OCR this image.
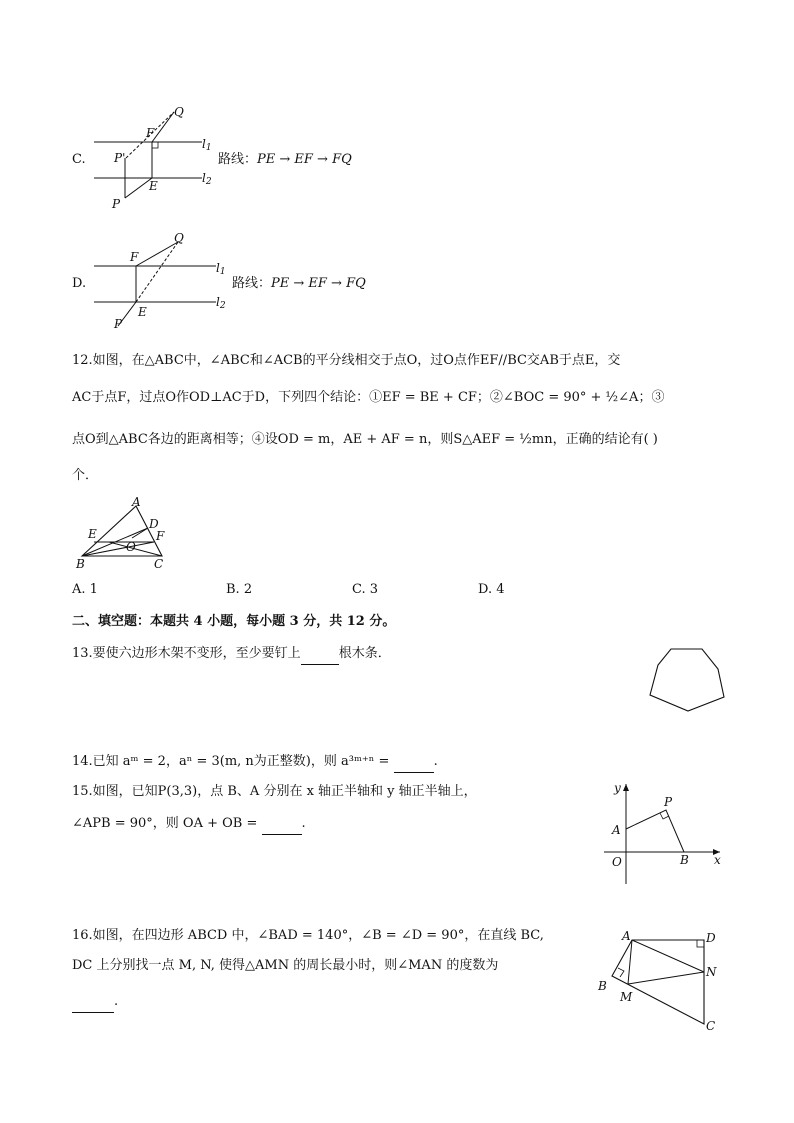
C.
Q
F
P'
E
P
l1
l2
路线：PE → EF → FQ
D.
Q
F
E
P
l1
l2
路线：PE → EF → FQ
12.如图，在△ABC中，∠ABC和∠ACB的平分线相交于点O，过O点作EF//BC交AB于点E，交
AC于点F，过点O作OD⊥AC于D，下列四个结论：①EF = BE + CF；②∠BOC = 90° + ½∠A；③
点O到△ABC各边的距离相等；④设OD = m，AE + AF = n，则S△AEF = ½mn，正确的结论有( )
个．
A
E
D
F
O
B	C
A. 1	B. 2	C. 3	D. 4
二、填空题：本题共 4 小题，每小题 3 分，共 12 分。
13.要使六边形木架不变形，至少要钉上	根木条．
14.已知 aᵐ = 2，aⁿ = 3(m, n为正整数)，则 a³ᵐ⁺ⁿ =	.
15.如图，已知P(3,3)，点 B、A 分别在 x 轴正半轴和 y 轴正半轴上，
∠APB = 90°，则 OA + OB =	.
y
P
A
O	B x
16.如图，在四边形 ABCD 中，∠BAD = 140°，∠B = ∠D = 90°，在直线 BC,
DC 上分别找一点 M, N, 使得△AMN 的周长最小时，则∠MAN 的度数为
.
A	D
N
B
M
C
